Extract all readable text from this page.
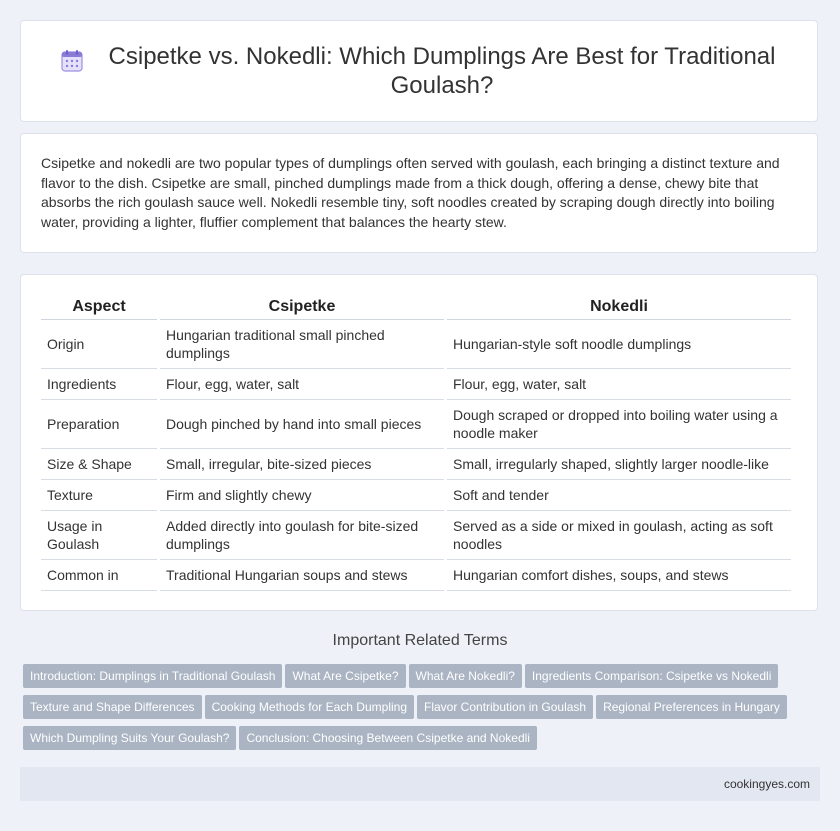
Csipetke vs. Nokedli: Which Dumplings Are Best for Traditional Goulash?

Csipetke and nokedli are two popular types of dumplings often served with goulash, each bringing a distinct texture and flavor to the dish. Csipetke are small, pinched dumplings made from a thick dough, offering a dense, chewy bite that absorbs the rich goulash sauce well. Nokedli resemble tiny, soft noodles created by scraping dough directly into boiling water, providing a lighter, fluffier complement that balances the hearty stew.

Aspect	Csipetke	Nokedli
Origin	Hungarian traditional small pinched dumplings	Hungarian-style soft noodle dumplings
Ingredients	Flour, egg, water, salt	Flour, egg, water, salt
Preparation	Dough pinched by hand into small pieces	Dough scraped or dropped into boiling water using a noodle maker
Size & Shape	Small, irregular, bite-sized pieces	Small, irregularly shaped, slightly larger noodle-like
Texture	Firm and slightly chewy	Soft and tender
Usage in Goulash	Added directly into goulash for bite-sized dumplings	Served as a side or mixed in goulash, acting as soft noodles
Common in	Traditional Hungarian soups and stews	Hungarian comfort dishes, soups, and stews
Important Related Terms
Introduction: Dumplings in Traditional Goulash What Are Csipetke? What Are Nokedli? Ingredients Comparison: Csipetke vs Nokedli
Texture and Shape Differences Cooking Methods for Each Dumpling Flavor Contribution in Goulash Regional Preferences in Hungary
Which Dumpling Suits Your Goulash? Conclusion: Choosing Between Csipetke and Nokedli
cookingyes.com
